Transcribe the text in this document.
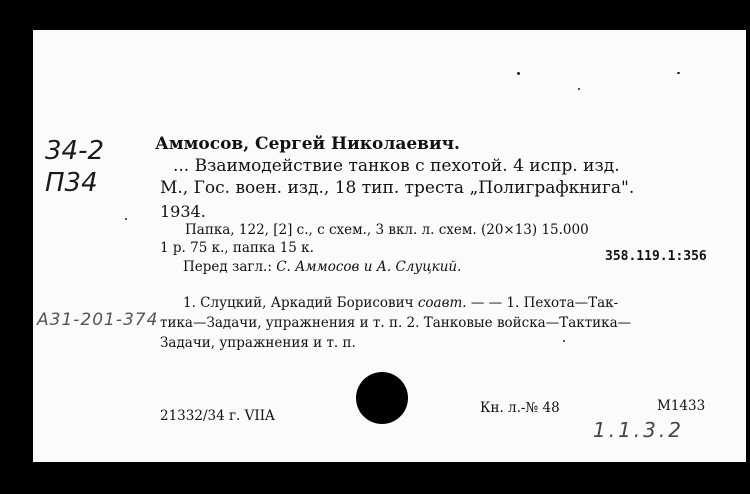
34-2
П34
A31-201-374
Аммосов, Сергей Николаевич.
... Взаимодействие танков с пехотой. 4 испр. изд.
М., Гос. воен. изд., 18 тип. треста „Полиграфкнига".
1934.
Папка, 122, [2] с., с схем., 3 вкл. л. схем. (20⨯13) 15.000
1 р. 75 к., папка 15 к.
Перед загл.: С. Аммосов и А. Слуцкий.
358.119.1:356
1. Слуцкий, Аркадий Борисович соавт. — — 1. Пехота—Так-
тика—Задачи, упражнения и т. п. 2. Танковые войска—Тактика—
Задачи, упражнения и т. п.
21332/34 г. VIIA	Кн. л.-№ 48	М1433
1.1.3.2
